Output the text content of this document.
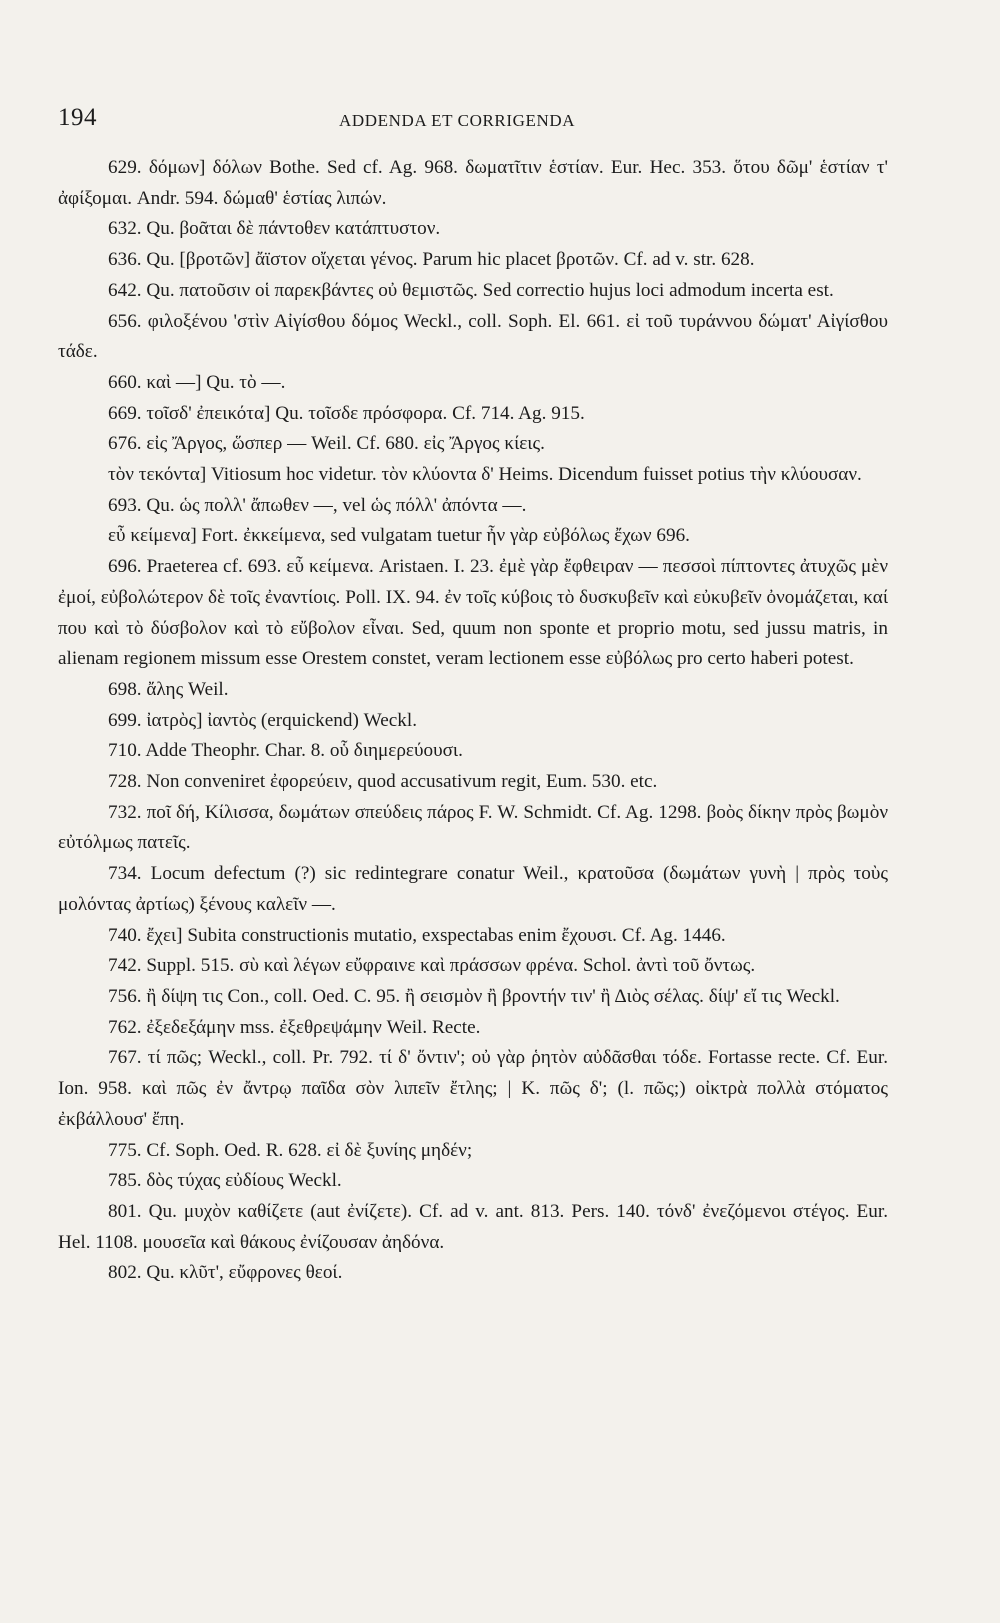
194	ADDENDA ET CORRIGENDA

629. δόμων] δόλων Bothe. Sed cf. Ag. 968. δωματῖτιν ἑστίαν. Eur. Hec. 353. ὅτου δῶμ' ἑστίαν τ' ἀφίξομαι. Andr. 594. δώμαθ' ἑστίας λιπών.

632. Qu. βοᾶται δὲ πάντοθεν κατάπτυστον.

636. Qu. [βροτῶν] ἄϊστον οἴχεται γένος. Parum hic placet βροτῶν. Cf. ad v. str. 628.

642. Qu. πατοῦσιν οἱ παρεκβάντες οὐ θεμιστῶς. Sed correctio hujus loci admodum incerta est.

656. φιλοξένου 'στὶν Αἰγίσθου δόμος Weckl., coll. Soph. El. 661. εἰ τοῦ τυράννου δώματ' Αἰγίσθου τάδε.

660. καὶ —] Qu. τὸ —.

669. τοῖσδ' ἐπεικότα] Qu. τοῖσδε πρόσφορα. Cf. 714. Ag. 915.

676. εἰς Ἄργος, ὥσπερ — Weil. Cf. 680. εἰς Ἄργος κίεις.

τὸν τεκόντα] Vitiosum hoc videtur. τὸν κλύοντα δ' Heims. Dicendum fuisset potius τὴν κλύουσαν.

693. Qu. ὡς πολλ' ἄπωθεν —, vel ὡς πόλλ' ἀπόντα —.

εὖ κείμενα] Fort. ἐκκείμενα, sed vulgatam tuetur ἦν γὰρ εὐβόλως ἔχων 696.

696. Praeterea cf. 693. εὖ κείμενα. Aristaen. I. 23. ἐμὲ γὰρ ἔφθειραν — πεσσοὶ πίπτοντες ἀτυχῶς μὲν ἐμοί, εὐβολώτερον δὲ τοῖς ἐναντίοις. Poll. IX. 94. ἐν τοῖς κύβοις τὸ δυσκυβεῖν καὶ εὐκυβεῖν ὀνομάζεται, καί που καὶ τὸ δύσβολον καὶ τὸ εὔβολον εἶναι. Sed, quum non sponte et proprio motu, sed jussu matris, in alienam regionem missum esse Orestem constet, veram lectionem esse εὐβόλως pro certo haberi potest.

698. ἄλης Weil.

699. ἰατρὸς] ἰαντὸς (erquickend) Weckl.

710. Adde Theophr. Char. 8. οὗ διημερεύουσι.

728. Non conveniret ἐφορεύειν, quod accusativum regit, Eum. 530. etc.

732. ποῖ δή, Κίλισσα, δωμάτων σπεύδεις πάρος F. W. Schmidt. Cf. Ag. 1298. βοὸς δίκην πρὸς βωμὸν εὐτόλμως πατεῖς.

734. Locum defectum (?) sic redintegrare conatur Weil., κρατοῦσα (δωμάτων γυνὴ | πρὸς τοὺς μολόντας ἀρτίως) ξένους καλεῖν —.

740. ἔχει] Subita constructionis mutatio, exspectabas enim ἔχουσι. Cf. Ag. 1446.

742. Suppl. 515. σὺ καὶ λέγων εὔφραινε καὶ πράσσων φρένα. Schol. ἀντὶ τοῦ ὄντως.

756. ἢ δίψη τις Con., coll. Oed. C. 95. ἢ σεισμὸν ἢ βροντήν τιν' ἢ Διὸς σέλας. δίψ' εἴ τις Weckl.

762. ἐξεδεξάμην mss. ἐξεθρεψάμην Weil. Recte.

767. τί πῶς; Weckl., coll. Pr. 792. τί δ' ὄντιν'; οὐ γὰρ ῥητὸν αὐδᾶσθαι τόδε. Fortasse recte. Cf. Eur. Ion. 958. καὶ πῶς ἐν ἄντρῳ παῖδα σὸν λιπεῖν ἔτλης; | Κ. πῶς δ'; (l. πῶς;) οἰκτρὰ πολλὰ στόματος ἐκβάλλουσ' ἔπη.

775. Cf. Soph. Oed. R. 628. εἰ δὲ ξυνίης μηδέν;

785. δὸς τύχας εὐδίους Weckl.

801. Qu. μυχὸν καθίζετε (aut ἐνίζετε). Cf. ad v. ant. 813. Pers. 140. τόνδ' ἐνεζόμενοι στέγος. Eur. Hel. 1108. μουσεῖα καὶ θάκους ἐνίζουσαν ἀηδόνα.

802. Qu. κλῦτ', εὔφρονες θεοί.
